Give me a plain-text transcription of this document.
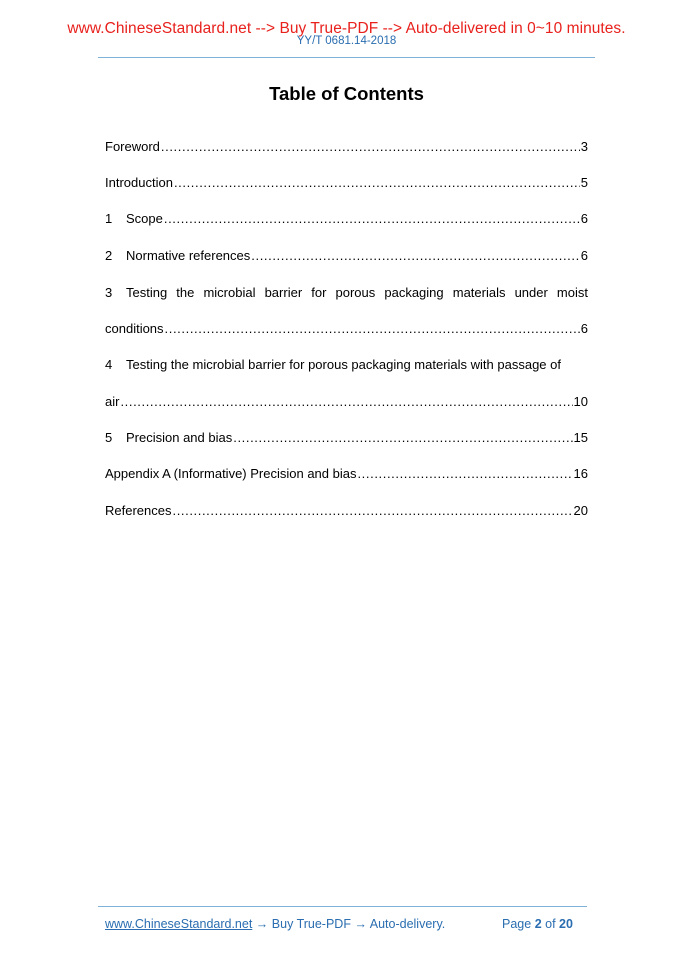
www.ChineseStandard.net --> Buy True-PDF --> Auto-delivered in 0~10 minutes.
YY/T 0681.14-2018
Table of Contents
Foreword .....	3
Introduction .....	5
1	Scope .....	6
2	Normative references .....	6
3	Testing the microbial barrier for porous packaging materials under moist
conditions .....	6
4	Testing the microbial barrier for porous packaging materials with passage of
air .....	10
5	Precision and bias .....	15
Appendix A (Informative) Precision and bias .....	16
References .....	20
www.ChineseStandard.net → Buy True-PDF → Auto-delivery.	Page 2 of 20
